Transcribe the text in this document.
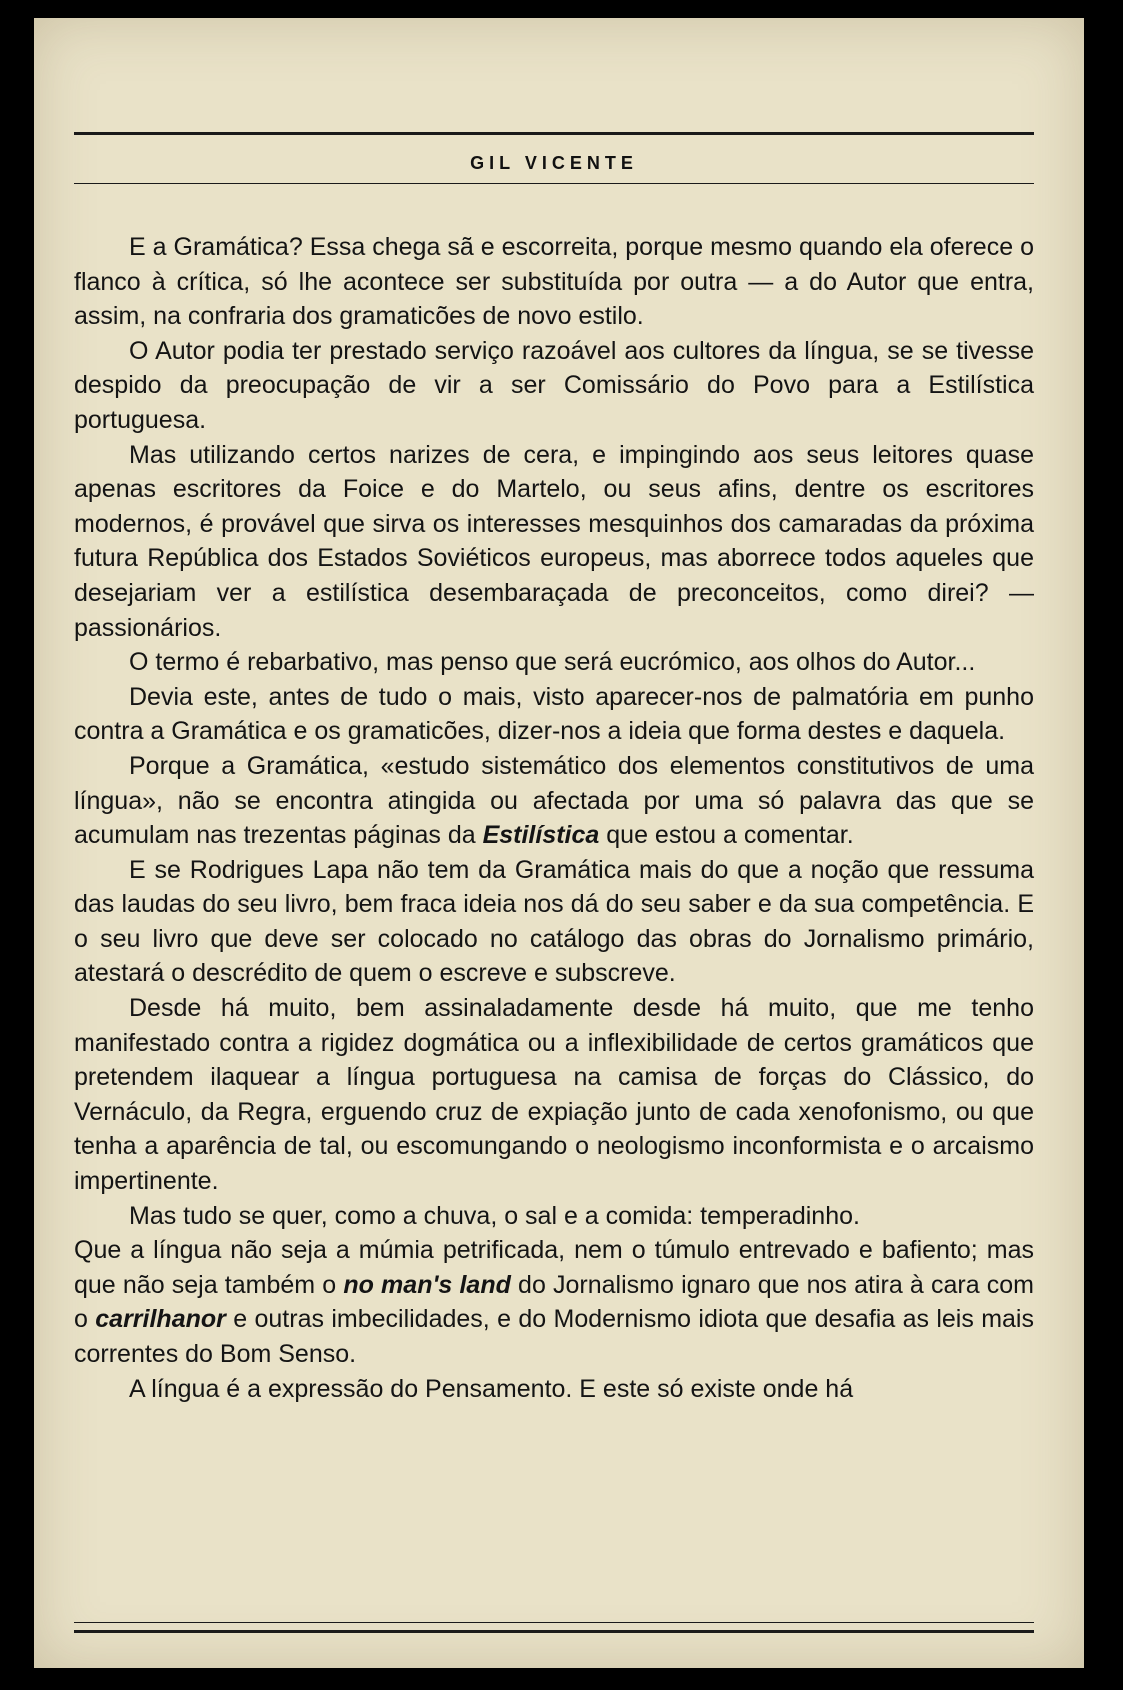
GIL VICENTE

E a Gramática? Essa chega sã e escorreita, porque mesmo quando ela oferece o flanco à crítica, só lhe acontece ser substituída por outra — a do Autor que entra, assim, na confraria dos gramaticões de novo estilo.

O Autor podia ter prestado serviço razoável aos cultores da língua, se se tivesse despido da preocupação de vir a ser Comissário do Povo para a Estilística portuguesa.

Mas utilizando certos narizes de cera, e impingindo aos seus leitores quase apenas escritores da Foice e do Martelo, ou seus afins, dentre os escritores modernos, é provável que sirva os interesses mesquinhos dos camaradas da próxima futura República dos Estados Soviéticos europeus, mas aborrece todos aqueles que desejariam ver a estilística desembaraçada de preconceitos, como direi? — passionários.

O termo é rebarbativo, mas penso que será eucrómico, aos olhos do Autor...

Devia este, antes de tudo o mais, visto aparecer-nos de palmatória em punho contra a Gramática e os gramaticões, dizer-nos a ideia que forma destes e daquela.

Porque a Gramática, «estudo sistemático dos elementos constitutivos de uma língua», não se encontra atingida ou afectada por uma só palavra das que se acumulam nas trezentas páginas da Estilística que estou a comentar.

E se Rodrigues Lapa não tem da Gramática mais do que a noção que ressuma das laudas do seu livro, bem fraca ideia nos dá do seu saber e da sua competência. E o seu livro que deve ser colocado no catálogo das obras do Jornalismo primário, atestará o descrédito de quem o escreve e subscreve.

Desde há muito, bem assinaladamente desde há muito, que me tenho manifestado contra a rigidez dogmática ou a inflexibilidade de certos gramáticos que pretendem ilaquear a língua portuguesa na camisa de forças do Clássico, do Vernáculo, da Regra, erguendo cruz de expiação junto de cada xenofonismo, ou que tenha a aparência de tal, ou escomungando o neologismo inconformista e o arcaismo impertinente.

Mas tudo se quer, como a chuva, o sal e a comida: temperadinho.

Que a língua não seja a múmia petrificada, nem o túmulo entrevado e bafiento; mas que não seja também o no man's land do Jornalismo ignaro que nos atira à cara com o carrilhanor e outras imbecilidades, e do Modernismo idiota que desafia as leis mais correntes do Bom Senso.

A língua é a expressão do Pensamento. E este só existe onde há
